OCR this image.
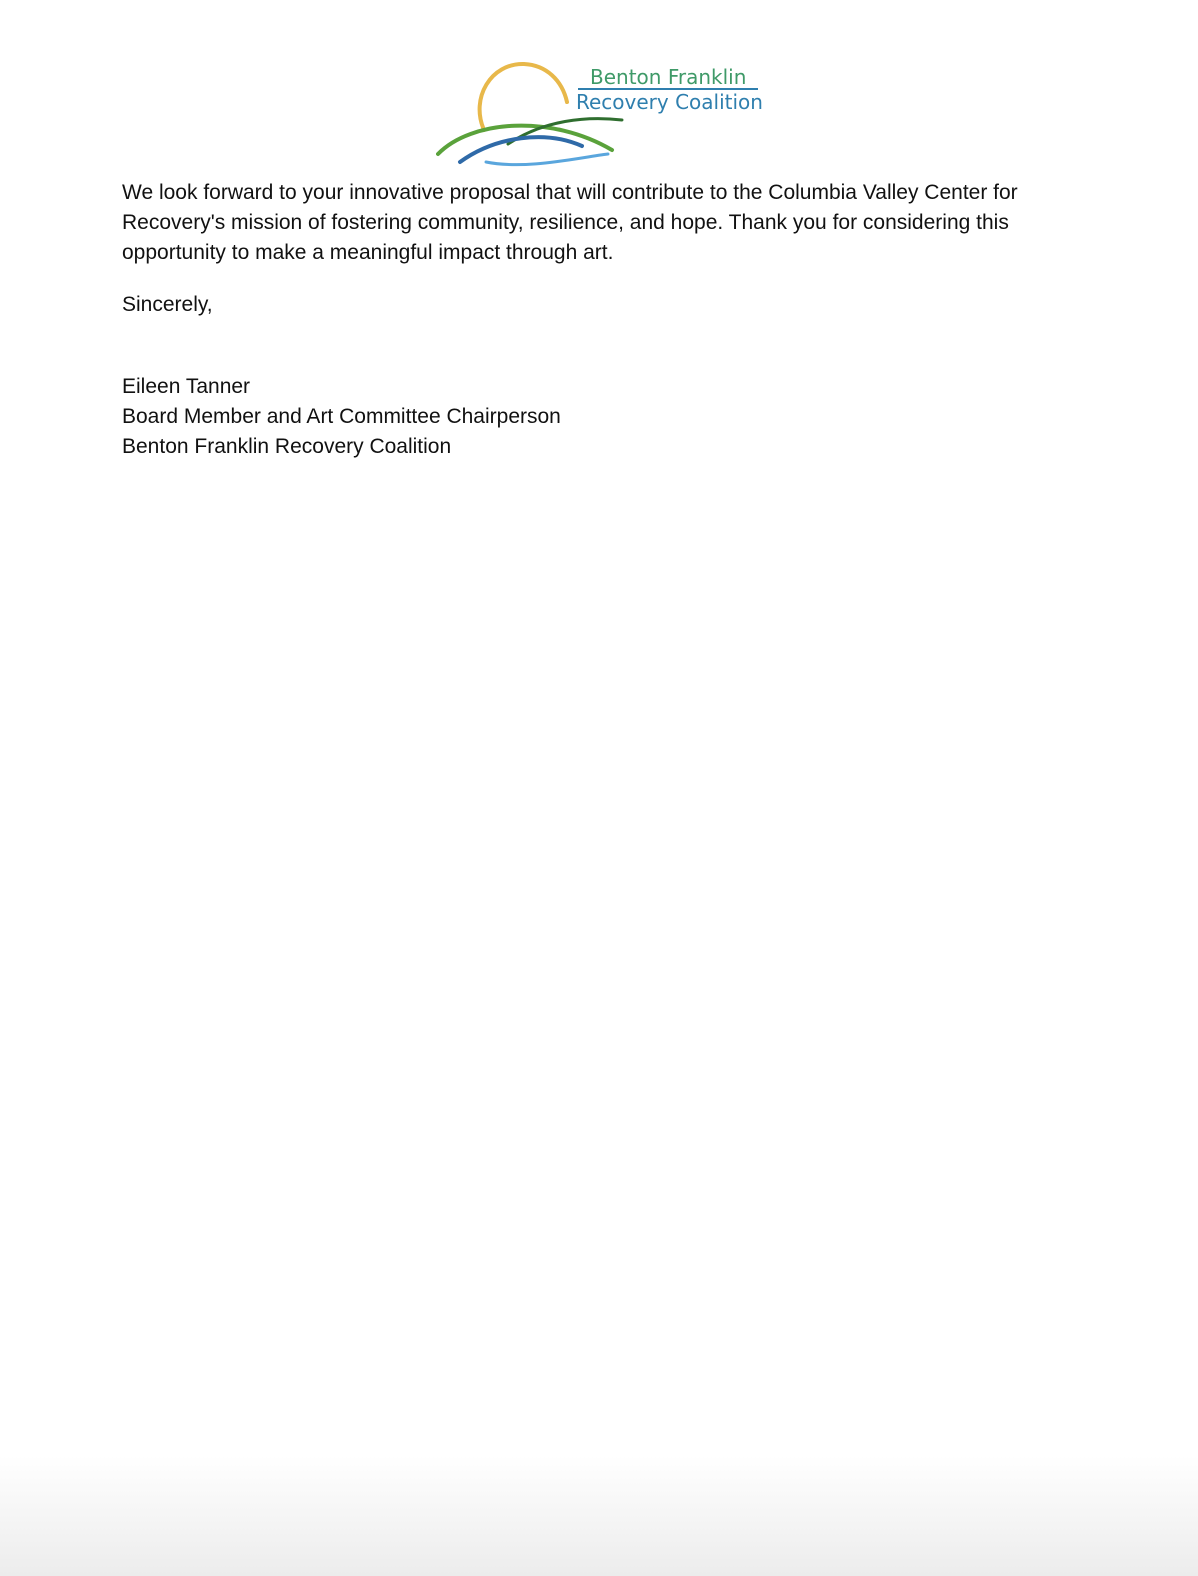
Benton Franklin
Recovery Coalition

We look forward to your innovative proposal that will contribute to the Columbia Valley Center for Recovery's mission of fostering community, resilience, and hope. Thank you for considering this opportunity to make a meaningful impact through art.

Sincerely,

Eileen Tanner
Board Member and Art Committee Chairperson
Benton Franklin Recovery Coalition
